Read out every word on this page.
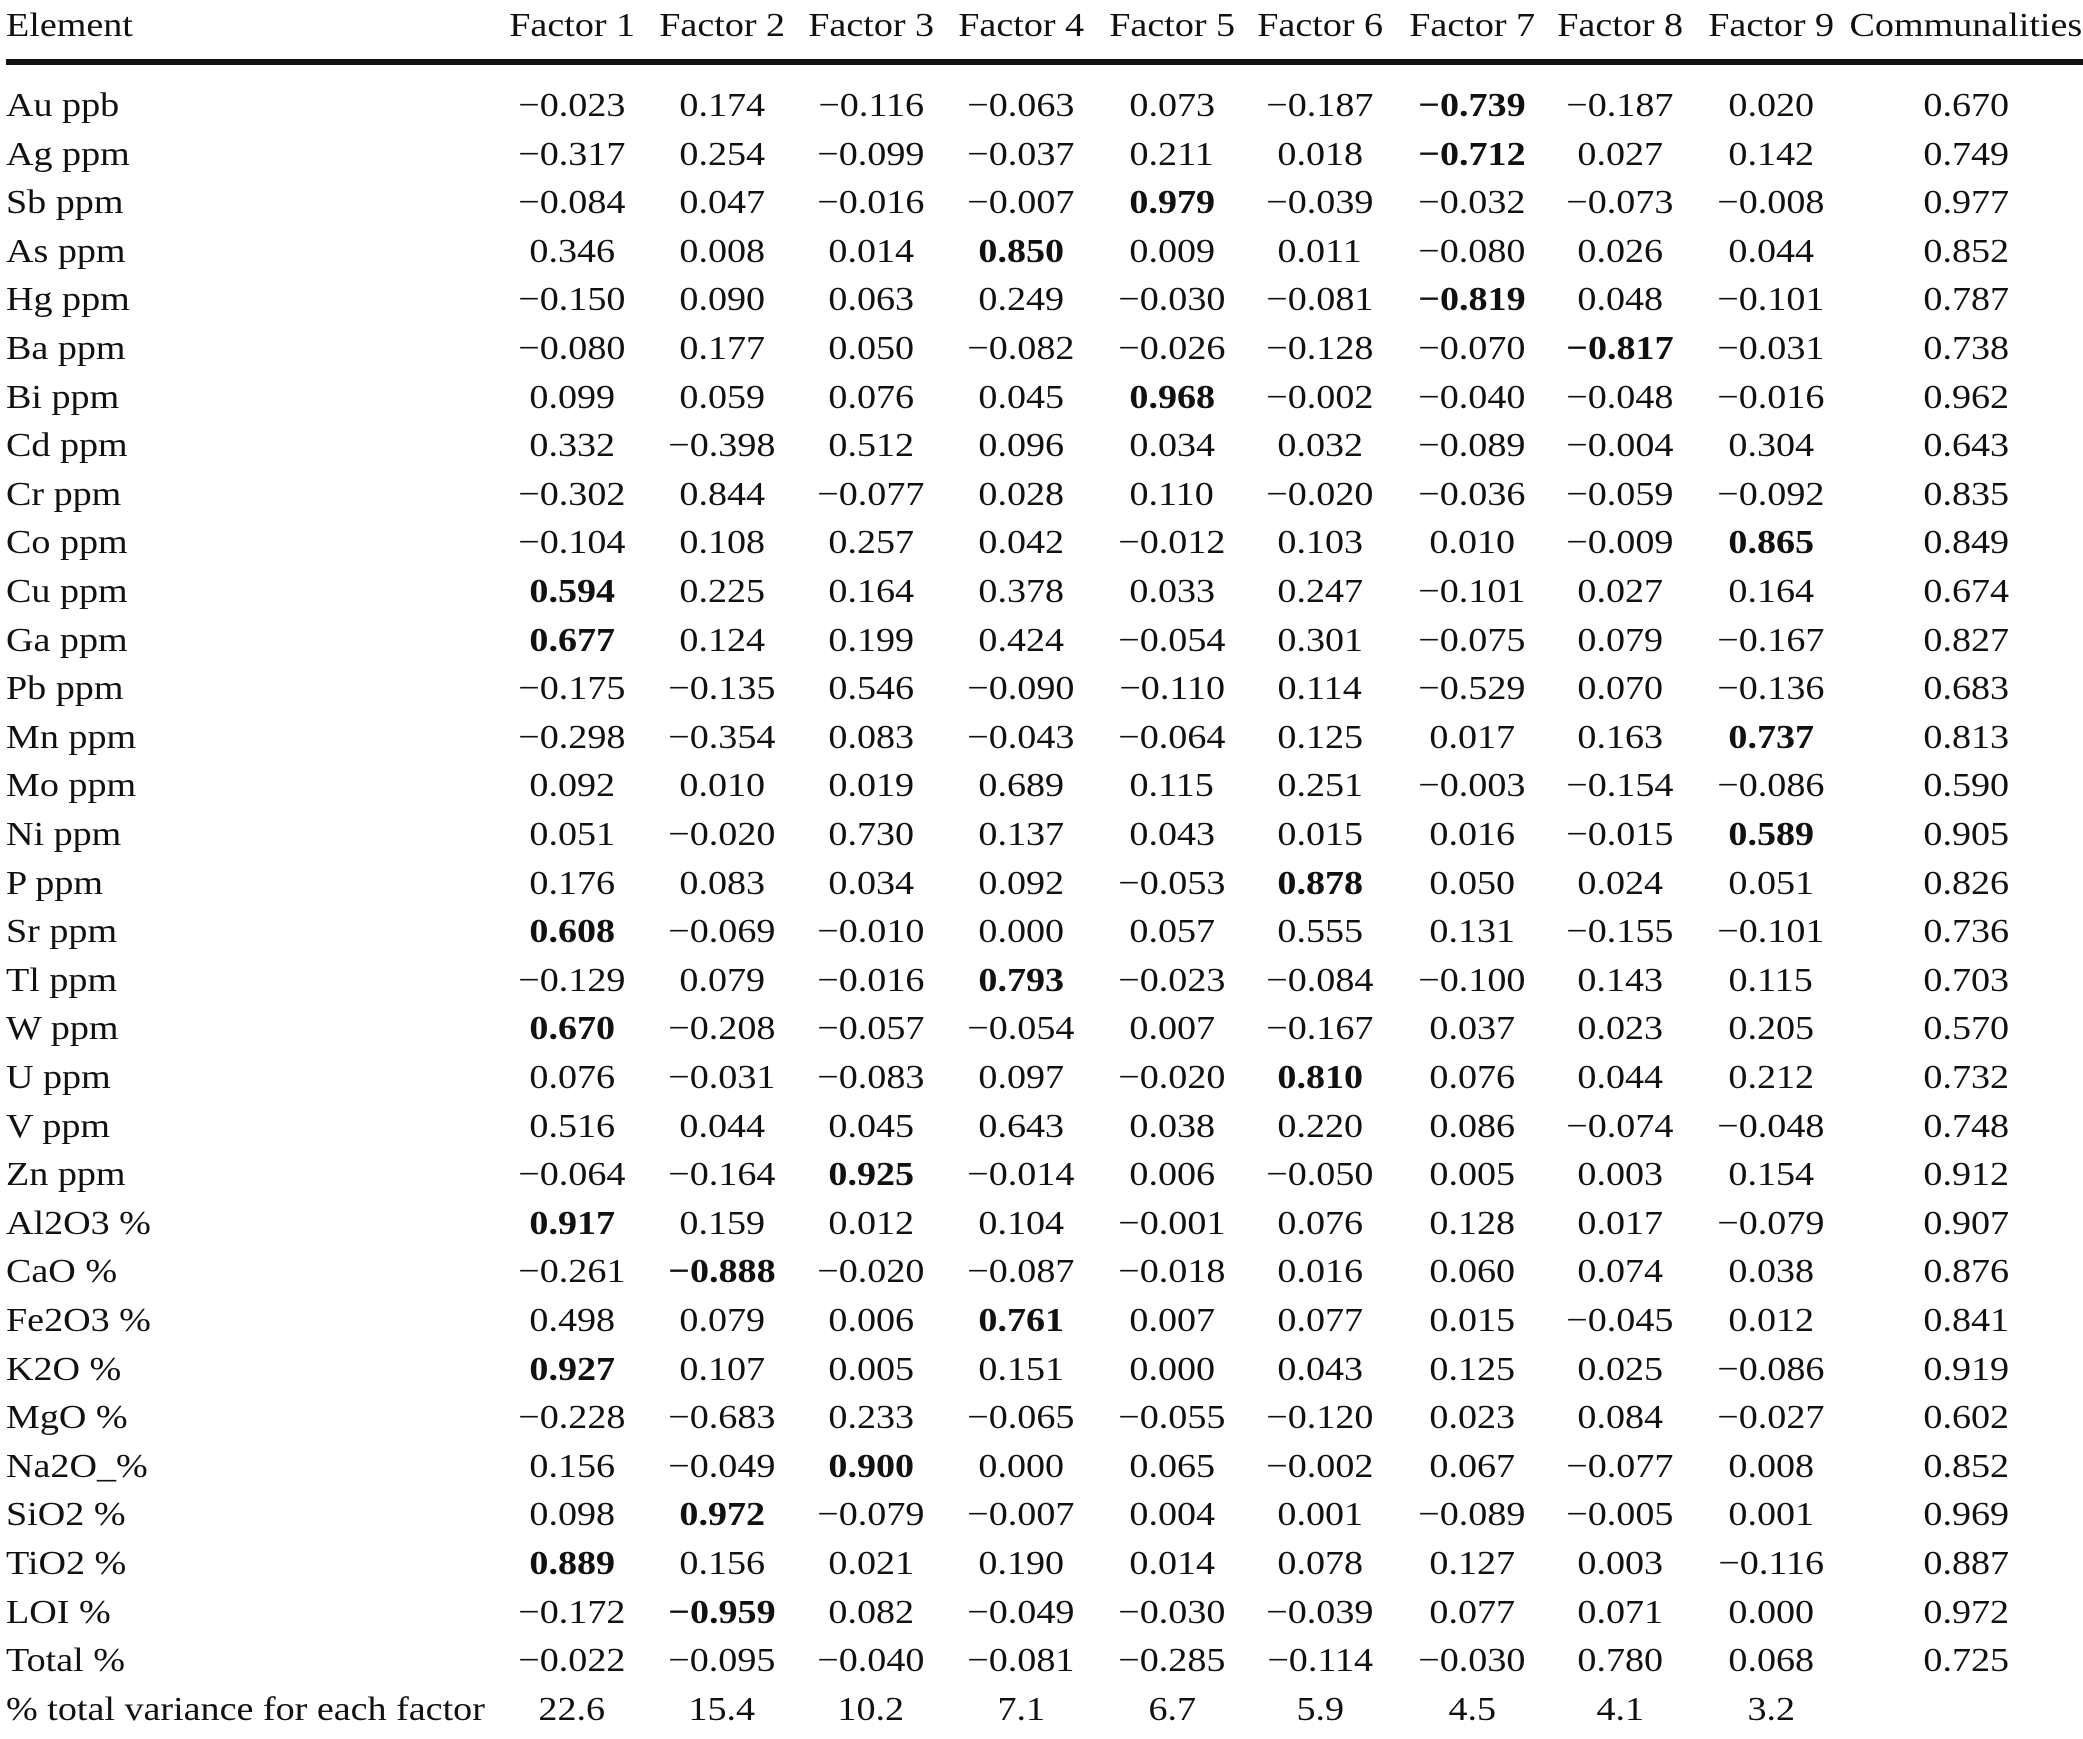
Element	Factor 1 Factor 2 Factor 3 Factor 4 Factor 5 Factor 6 Factor 7 Factor 8 Factor 9 Communalities
Au ppb	−0.023	0.174	−0.116	−0.063	0.073	−0.187	−0.739	−0.187	0.020	0.670
Ag ppm	−0.317	0.254	−0.099	−0.037	0.211	0.018	−0.712	0.027	0.142	0.749
Sb ppm	−0.084	0.047	−0.016	−0.007	0.979	−0.039	−0.032	−0.073	−0.008	0.977
As ppm	0.346	0.008	0.014	0.850	0.009	0.011	−0.080	0.026	0.044	0.852
Hg ppm	−0.150	0.090	0.063	0.249	−0.030	−0.081	−0.819	0.048	−0.101	0.787
Ba ppm	−0.080	0.177	0.050	−0.082	−0.026	−0.128	−0.070	−0.817	−0.031	0.738
Bi ppm	0.099	0.059	0.076	0.045	0.968	−0.002	−0.040	−0.048	−0.016	0.962
Cd ppm	0.332	−0.398	0.512	0.096	0.034	0.032	−0.089	−0.004	0.304	0.643
Cr ppm	−0.302	0.844	−0.077	0.028	0.110	−0.020	−0.036	−0.059	−0.092	0.835
Co ppm	−0.104	0.108	0.257	0.042	−0.012	0.103	0.010	−0.009	0.865	0.849
Cu ppm	0.594	0.225	0.164	0.378	0.033	0.247	−0.101	0.027	0.164	0.674
Ga ppm	0.677	0.124	0.199	0.424	−0.054	0.301	−0.075	0.079	−0.167	0.827
Pb ppm	−0.175	−0.135	0.546	−0.090	−0.110	0.114	−0.529	0.070	−0.136	0.683
Mn ppm	−0.298	−0.354	0.083	−0.043	−0.064	0.125	0.017	0.163	0.737	0.813
Mo ppm	0.092	0.010	0.019	0.689	0.115	0.251	−0.003	−0.154	−0.086	0.590
Ni ppm	0.051	−0.020	0.730	0.137	0.043	0.015	0.016	−0.015	0.589	0.905
P ppm	0.176	0.083	0.034	0.092	−0.053	0.878	0.050	0.024	0.051	0.826
Sr ppm	0.608	−0.069	−0.010	0.000	0.057	0.555	0.131	−0.155	−0.101	0.736
Tl ppm	−0.129	0.079	−0.016	0.793	−0.023	−0.084	−0.100	0.143	0.115	0.703
W ppm	0.670	−0.208	−0.057	−0.054	0.007	−0.167	0.037	0.023	0.205	0.570
U ppm	0.076	−0.031	−0.083	0.097	−0.020	0.810	0.076	0.044	0.212	0.732
V ppm	0.516	0.044	0.045	0.643	0.038	0.220	0.086	−0.074	−0.048	0.748
Zn ppm	−0.064	−0.164	0.925	−0.014	0.006	−0.050	0.005	0.003	0.154	0.912
Al2O3 %	0.917	0.159	0.012	0.104	−0.001	0.076	0.128	0.017	−0.079	0.907
CaO %	−0.261	−0.888	−0.020	−0.087	−0.018	0.016	0.060	0.074	0.038	0.876
Fe2O3 %	0.498	0.079	0.006	0.761	0.007	0.077	0.015	−0.045	0.012	0.841
K2O %	0.927	0.107	0.005	0.151	0.000	0.043	0.125	0.025	−0.086	0.919
MgO %	−0.228	−0.683	0.233	−0.065	−0.055	−0.120	0.023	0.084	−0.027	0.602
Na2O_%	0.156	−0.049	0.900	0.000	0.065	−0.002	0.067	−0.077	0.008	0.852
SiO2 %	0.098	0.972	−0.079	−0.007	0.004	0.001	−0.089	−0.005	0.001	0.969
TiO2 %	0.889	0.156	0.021	0.190	0.014	0.078	0.127	0.003	−0.116	0.887
LOI %	−0.172	−0.959	0.082	−0.049	−0.030	−0.039	0.077	0.071	0.000	0.972
Total %	−0.022	−0.095	−0.040	−0.081	−0.285	−0.114	−0.030	0.780	0.068	0.725
% total variance for each factor	22.6	15.4	10.2	7.1	6.7	5.9	4.5	4.1	3.2
